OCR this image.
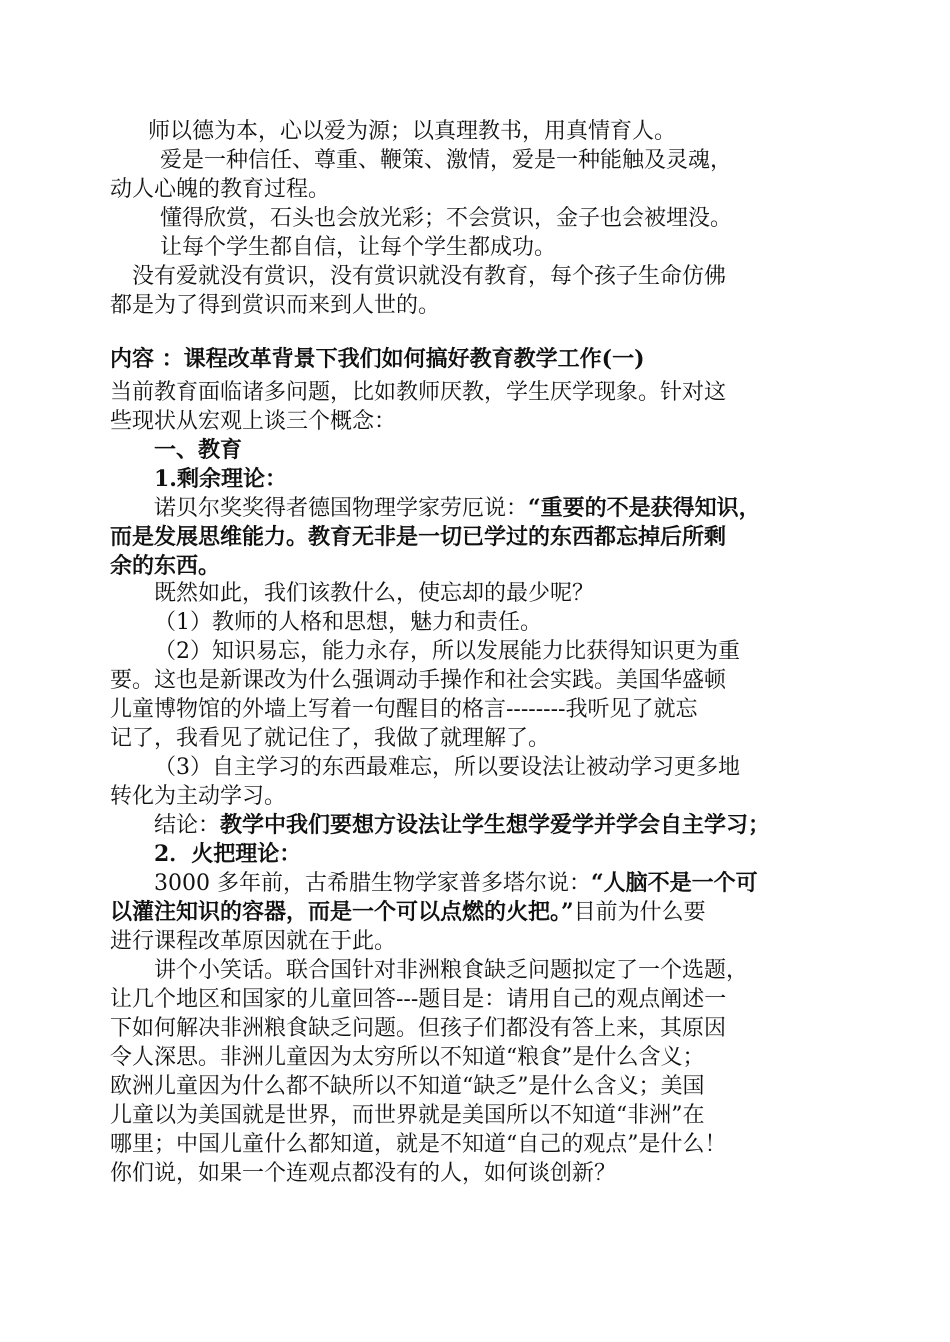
师以德为本，心以爱为源；以真理教书，用真情育人。
爱是一种信任、尊重、鞭策、激情，爱是一种能触及灵魂，
动人心魄的教育过程。
懂得欣赏，石头也会放光彩；不会赏识，金子也会被埋没。
让每个学生都自信，让每个学生都成功。
没有爱就没有赏识，没有赏识就没有教育，每个孩子生命仿佛
都是为了得到赏识而来到人世的。
内容 ：课程改革背景下我们如何搞好教育教学工作(一)
当前教育面临诸多问题，比如教师厌教，学生厌学现象。针对这
些现状从宏观上谈三个概念：
一、教育
1.剩余理论：
诺贝尔奖奖得者德国物理学家劳厄说：“重要的不是获得知识，
而是发展思维能力。教育无非是一切已学过的东西都忘掉后所剩
余的东西。
既然如此，我们该教什么，使忘却的最少呢？
（1）教师的人格和思想，魅力和责任。
（2）知识易忘，能力永存，所以发展能力比获得知识更为重
要。这也是新课改为什么强调动手操作和社会实践。美国华盛顿
儿童博物馆的外墙上写着一句醒目的格言--------我听见了就忘
记了，我看见了就记住了，我做了就理解了。
（3）自主学习的东西最难忘，所以要设法让被动学习更多地
转化为主动学习。
结论：教学中我们要想方设法让学生想学爱学并学会自主学习；
2．火把理论：
3000 多年前，古希腊生物学家普多塔尔说：“人脑不是一个可
以灌注知识的容器，而是一个可以点燃的火把。”目前为什么要
进行课程改革原因就在于此。
讲个小笑话。联合国针对非洲粮食缺乏问题拟定了一个选题，
让几个地区和国家的儿童回答---题目是：请用自己的观点阐述一
下如何解决非洲粮食缺乏问题。但孩子们都没有答上来，其原因
令人深思。非洲儿童因为太穷所以不知道“粮食”是什么含义；
欧洲儿童因为什么都不缺所以不知道“缺乏”是什么含义；美国
儿童以为美国就是世界，而世界就是美国所以不知道“非洲”在
哪里；中国儿童什么都知道，就是不知道“自己的观点”是什么！
你们说，如果一个连观点都没有的人，如何谈创新？
